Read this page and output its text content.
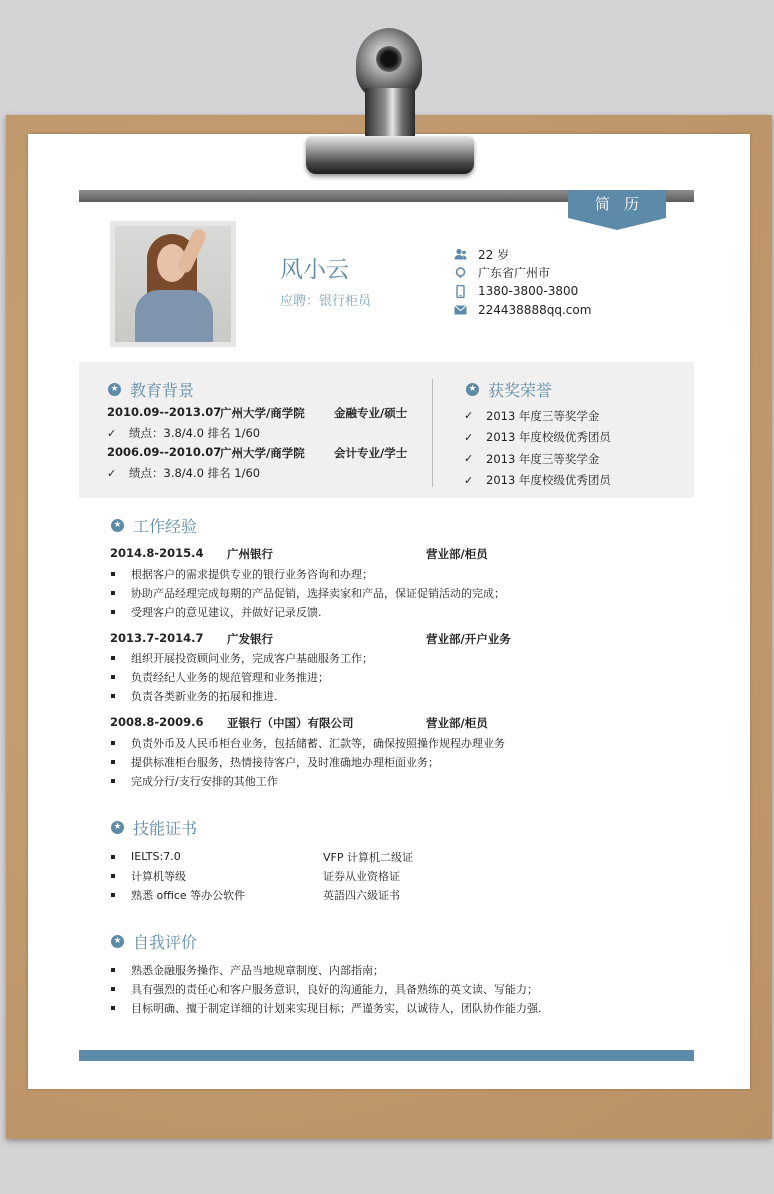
简历
风小云
应聘：银行柜员
22 岁
广东省广州市
1380-3800-3800
224438888qq.com
★
教育背景
2010.09--2013.07
广州大学/商学院	金融专业/硕士
✓ 绩点：3.8/4.0 排名 1/60
2006.09--2010.07
广州大学/商学院	会计专业/学士
✓ 绩点：3.8/4.0 排名 1/60
★
获奖荣誉
✓	2013 年度三等奖学金
✓	2013 年度校级优秀团员
✓	2013 年度三等奖学金
✓	2013 年度校级优秀团员
★
工作经验
2014.8-2015.4 广州银行	营业部/柜员
根据客户的需求提供专业的银行业务咨询和办理；
协助产品经理完成每期的产品促销，选择卖家和产品，保证促销活动的完成；
受理客户的意见建议，并做好记录反馈.
2013.7-2014.7 广发银行	营业部/开户业务
组织开展投资顾问业务，完成客户基础服务工作；
负责经纪人业务的规范管理和业务推进；
负责各类新业务的拓展和推进.
2008.8-2009.6 亚银行（中国）有限公司	营业部/柜员
负责外币及人民币柜台业务，包括储蓄、汇款等，确保按照操作规程办理业务
提供标准柜台服务，热情接待客户，及时准确地办理柜面业务；
完成分行/支行安排的其他工作
★
技能证书
IELTS:7.0	VFP 计算机二级证
计算机等级	证券从业资格证
熟悉 office 等办公软件	英語四六級证书
★
自我评价
熟悉金融服务操作、产品当地规章制度、内部指南；
具有强烈的责任心和客户服务意识，良好的沟通能力，具备熟练的英文读、写能力；
目标明确、擅于制定详细的计划来实现目标；严谨务实，以诚待人，团队协作能力强.
